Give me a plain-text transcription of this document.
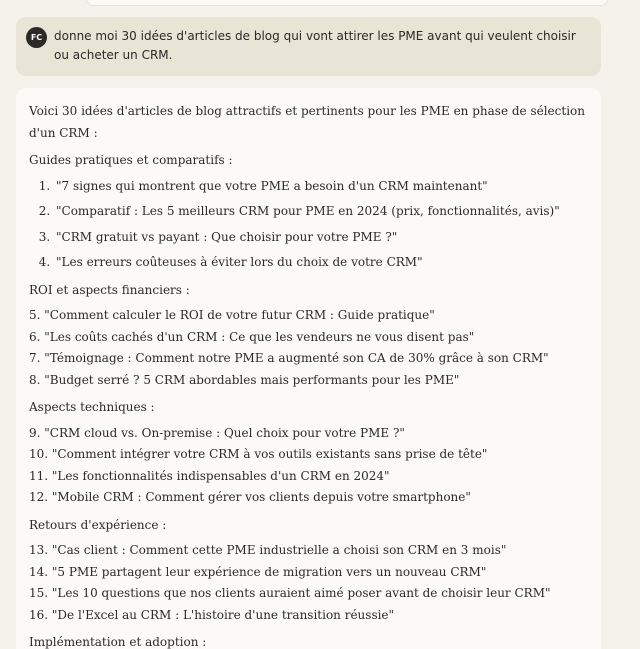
FC donne moi 30 idées d'articles de blog qui vont attirer les PME avant qui veulent choisir ou acheter un CRM.

Voici 30 idées d'articles de blog attractifs et pertinents pour les PME en phase de sélection d'un CRM :

Guides pratiques et comparatifs :

1. "7 signes qui montrent que votre PME a besoin d'un CRM maintenant"
2. "Comparatif : Les 5 meilleurs CRM pour PME en 2024 (prix, fonctionnalités, avis)"
3. "CRM gratuit vs payant : Que choisir pour votre PME ?"
4. "Les erreurs coûteuses à éviter lors du choix de votre CRM"

ROI et aspects financiers :

5. "Comment calculer le ROI de votre futur CRM : Guide pratique"
6. "Les coûts cachés d'un CRM : Ce que les vendeurs ne vous disent pas"
7. "Témoignage : Comment notre PME a augmenté son CA de 30% grâce à son CRM"
8. "Budget serré ? 5 CRM abordables mais performants pour les PME"

Aspects techniques :

9. "CRM cloud vs. On-premise : Quel choix pour votre PME ?"
10. "Comment intégrer votre CRM à vos outils existants sans prise de tête"
11. "Les fonctionnalités indispensables d'un CRM en 2024"
12. "Mobile CRM : Comment gérer vos clients depuis votre smartphone"

Retours d'expérience :

13. "Cas client : Comment cette PME industrielle a choisi son CRM en 3 mois"
14. "5 PME partagent leur expérience de migration vers un nouveau CRM"
15. "Les 10 questions que nos clients auraient aimé poser avant de choisir leur CRM"
16. "De l'Excel au CRM : L'histoire d'une transition réussie"

Implémentation et adoption :
